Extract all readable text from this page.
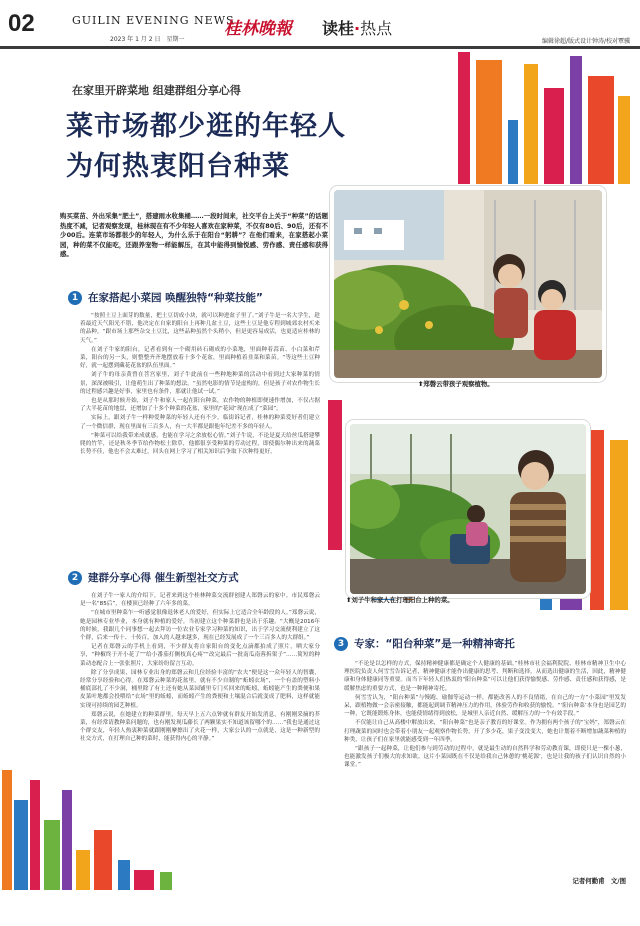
02	GUILIN EVENING NEWS
2023 年 1 月 2 日　星期一
桂林晚報 读桂·热点
编辑徐超/版式设计钟涛/校对覃骥
在家里开辟菜地 组建群组分享心得
菜市场都少逛的年轻人
为何热衷阳台种菜
购买菜苗、外出采集“肥土”，搭建雨水收集桶……一段时间来，社交平台上关于“种菜”的话题热度不减，记者观察发现，桂林现在有不少年轻人喜欢在家种菜，不仅有80后、90后，还有不少00后。连菜市场都很少的年轻人，为什么乐于在阳台“躬耕”？在他们看来，在家搭起小菜园，种的菜不仅能吃，还跟养宠物一样能解压，在其中能得到愉悦感、劳作感、责任感和获得感。
1 在家搭起小菜园 唤醒独特“种菜技能”

“按照土豆上面芽的数量，把土豆切成小块，就可以种进盆子里了。”刘子牛是一名大学生，趁着最近天气阳光不错，他决定在自家的阳台上再种几盆土豆，这些土豆是他专程到城郊农村买来的品种。“跟市场上那些杂交土豆比，这些品种虽然个头稍小，但是更容易成活，也更适应桂林的天气。”

在刘子牛家的阳台，记者看到有一个砌用砖石砌成的小菜地，里面种着蒜苗、小白菜和芹菜，阳台的另一头，则整整齐齐地摆放着十多个花盆，里面种植着韭菜和菜苗。“等这些土豆种好，就一起摆到藏花花盆的队伍里面。”

刘子牛的母亲黄曾在菩宫家里，刘子牛此前在一些种地种菜的活动中看到过大家种菜的情景，深深被吸引，让他萌生出了种菜的想法。“虽然电影的情节是虚构的，但是孩子对农作物生长的过程感兴趣是好事，家里也有条件，那就让他试一试。”

也是从那时候开始，刘子牛和家人一起在阳台种菜，农作物的种植即便速作增加，不仅占据了大半花苗的地盘，还增加了十多个种菜的花盆，家里的“花园”现在成了“菜园”。

实际上，跟刘子牛一样种爱种菜的年轻人还有不少。临街诉记者，桂林的种菜爱好者们建立了一个微信群，现在里面有三百多人，有一大半都是跟他年纪差不多的年轻人。

“种菜可以给我带来成就感，也能在学习之余放松心情。”刘子牛说，不论是夏天给丝瓜搭建攀爬的竹竿，还是秋冬季节给作物松土除草，他都很享受种菜的劳动过程，即使偶尔种出来的蔬菜长势不佳，他也不会太难过，回头在网上学习了相关知识后争取下次种得更好。

2 建群分享心得 催生新型社交方式

在刘子牛一家人的介绍下，记者来到这个桂林种菜交流群创建人郑磬云的家中。市民郑磬云是一名“85后”，在楼顶已经种了六年多的菜。

“在城市里种菜乍一听感觉很像退休老人的爱好，但实际上它适合全年龄段的人。”郑磬云说，她是园林专业毕业，本身就有种植的爱好。当初建立这个种菜群也是出于乐趣。“大概是2016年的时候，我跟几个同事想一起去拜访一位农业专家学习种菜的知识，出于学习交流便利建立了这个群，后来一传十、十传百，加入的人越来越多，现在已经发展成了一个三百多人的大群组。”

记者在郑磬云的手机上看到，不少群友将自家阳台的变化点滴都拍成了照片，晒大家分享，“种椒终于开小花了”“给小番茄打侧枝真心疼”“改完最后一批南瓜南蓉拆架子”……简短的种菜动态配合上一张张照片，大家纷纷留言互动。

除了分享成果，园林专业出身的郑磬云和几位经验丰富的“农夫”便是这一众年轻人的智囊，经常分享经验和心得。在郑磬云种菜的花盆里，就有不少自制的“蚯蚓衣场”，一个有盖的塑料小桶底部扎了不少洞，桶里除了有土还有她从菜园铺里专门买回来的蚯蚓，蚯蚓能产生的粪便和果皮菜叶地都会投喂给“衣场”里的蚯蚓，而蚯蚓产生的粪便和土壤混合后就变成了肥料，这样就能实现可持续的园艺种植。

郑磬云说，在她建立的种菜群里，每天早上五六点钟就有群友开始发消息，有刚刚采摘的芥菜，有经常请教种菜问题的，也有刚发现瓜藤长了两颗果实不知道该留哪个的……“我也是通过这个群交友，年轻人热衷种菜就跟刚刚摩擦出了火花一样，大家公认的一点就是，这是一种新型的社交方式，在打理自己种的菜时，能获得内心的平静。”

⬆郑磬云带孩子观察植物。
⬆刘子牛和家人在打理阳台上种的菜。
3 专家：“阳台种菜”是一种精神寄托

“不论是以怎样的方式，保持精神健康都是确定个人健康的基础。”桂林市社会福利院院、桂林市精神卫生中心理医院负责人何雪雪告诉记者，精神健康才能作出健康的思考、判断和选择，从而选出健康的生活，因此，精神健康和身体健康同等重要。而当下年轻人们热衷的“阳台种菜”可以让他们获得愉悦感、劳作感、责任感和获得感，是缓解焦虑的重要方式，也是一种精神寄托。

何雪雪认为，“阳台种菜”与慢跑、瑜伽等运动一样，都能改善人的不良情绪，在自己的一方“小菜园”里发发呆，跟植物做一会亲密接触，都能起到调节精神压力的作用，体验劳作和收获的愉悦。“‘阳台种菜’本身也是园艺的一种，它既能锻炼身体，也能使情绪得到放松，是城里人亲近自然、缓解压力的一个有效手段。”

不仅能让自己从高楼中解放出来，“阳台种菜”也是亲子教育的好课堂。作为拥有两个孩子的“宝妈”，郑磬云在打理蔬菜的同时也会带着小朋友一起观察作物长势，开了多少花，果子变没变大，她也计划着不断增加蔬菜种植的种类，让孩子们在家里就能感受到一年四季。

“跟孩子一起种菜，让他们参与到劳动的过程中，就是最生动的自然科学和劳动教育课，即使只是一棵小葱，也能激发孩子们极大的求知欲。这片小菜园既在不仅是给我自己休憩的‘桃花源’，也是让我的孩子们认识自然的小课堂。”

记者何勤甫　文/图
